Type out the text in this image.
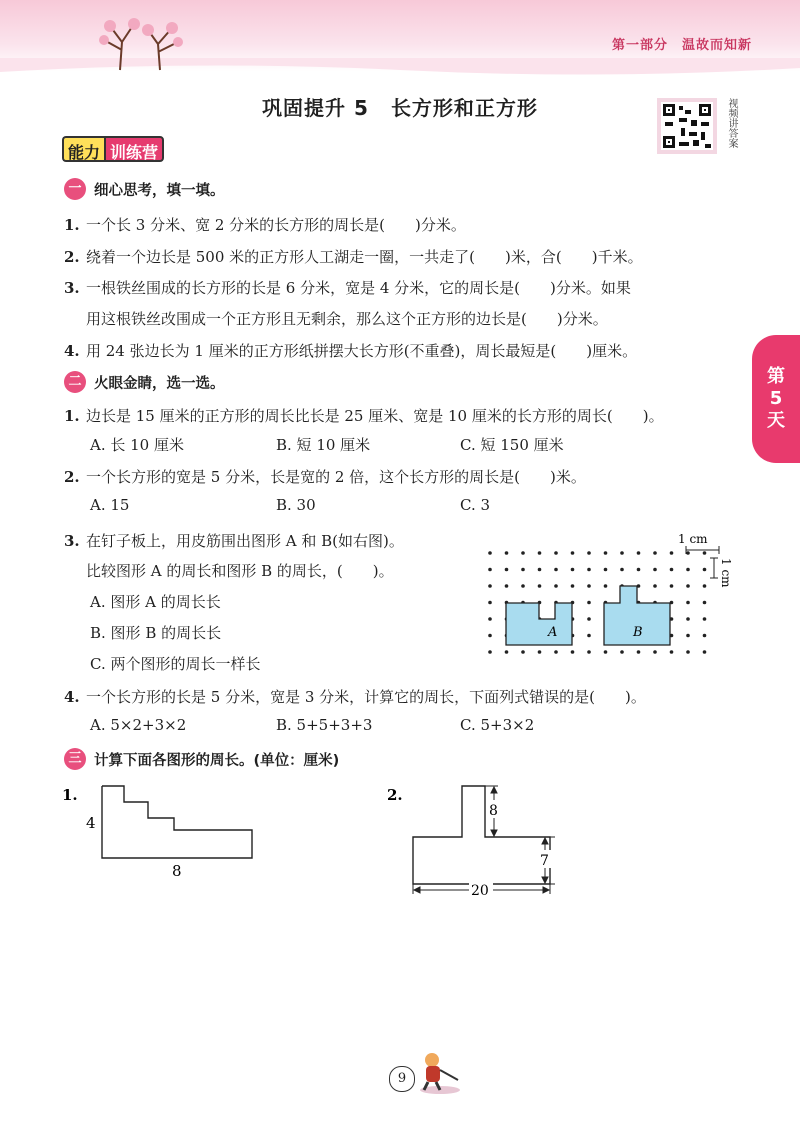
第一部分 温故而知新
巩固提升 5 长方形和正方形	视频讲答案
能力 训练营
第
5
天
一 细心思考，填一填。
1. 一个长 3 分米、宽 2 分米的长方形的周长是(　　)分米。
2. 绕着一个边长是 500 米的正方形人工湖走一圈，一共走了(　　)米，合(　　)千米。
3. 一根铁丝围成的长方形的长是 6 分米，宽是 4 分米，它的周长是(　　)分米。如果
用这根铁丝改围成一个正方形且无剩余，那么这个正方形的边长是(　　)分米。
4. 用 24 张边长为 1 厘米的正方形纸拼摆大长方形(不重叠)，周长最短是(　　)厘米。
二 火眼金睛，选一选。
1. 边长是 15 厘米的正方形的周长比长是 25 厘米、宽是 10 厘米的长方形的周长(　　)。
A. 长 10 厘米	B. 短 10 厘米	C. 短 150 厘米
2. 一个长方形的宽是 5 分米，长是宽的 2 倍，这个长方形的周长是(　　)米。
A. 15	B. 30	C. 3
3. 在钉子板上，用皮筋围出图形 A 和 B(如右图)。
比较图形 A 的周长和图形 B 的周长，(　　)。
A. 图形 A 的周长长
B. 图形 B 的周长长
C. 两个图形的周长一样长
A	B
1 cm
1 cm
4. 一个长方形的长是 5 分米，宽是 3 分米，计算它的周长，下面列式错误的是(　　)。
A. 5×2+3×2	B. 5+5+3+3	C. 5+3×2
三 计算下面各图形的周长。(单位：厘米)
1.
4
8
2.
8
7
20
9
